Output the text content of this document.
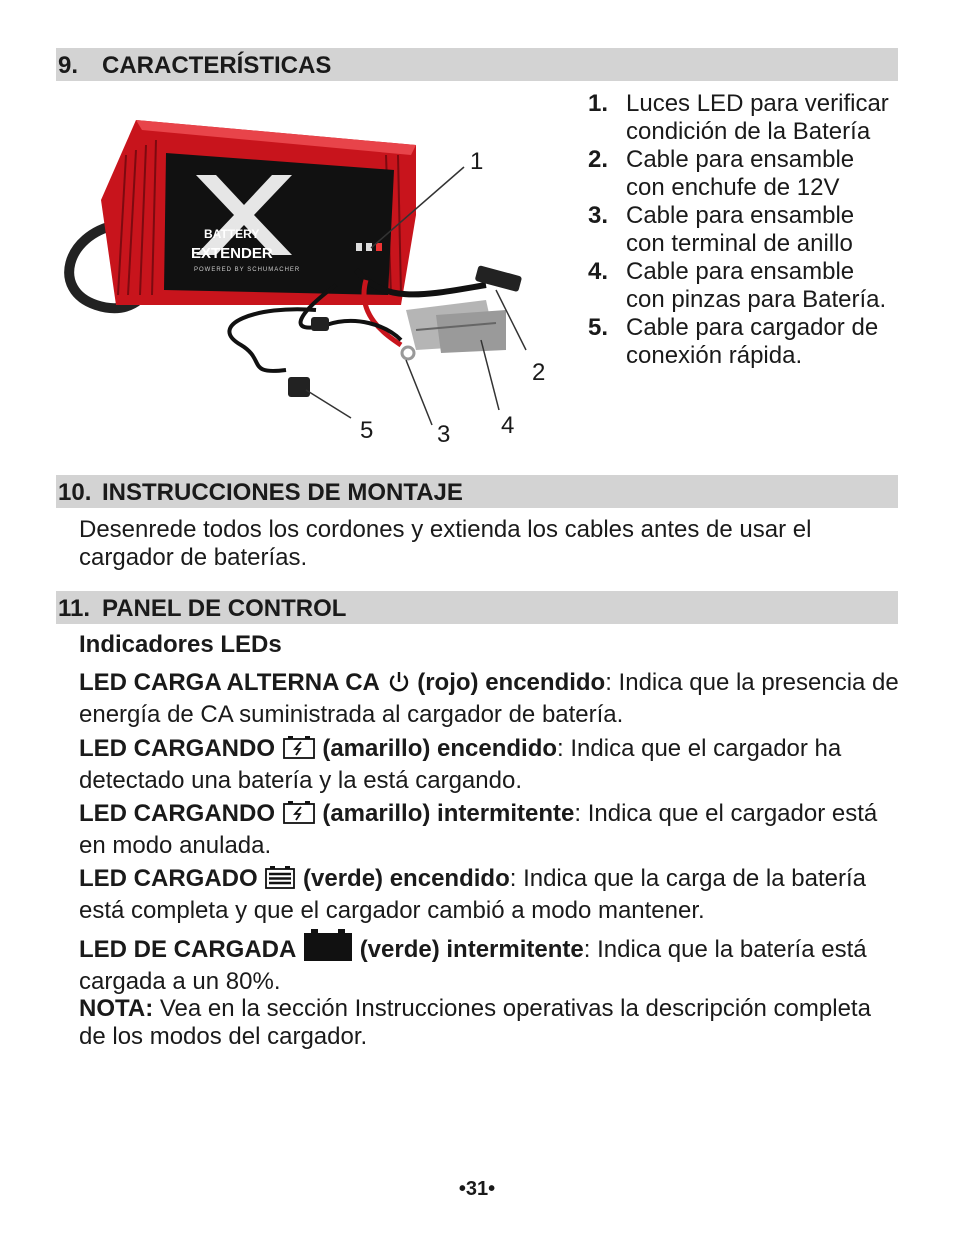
9. CARACTERÍSTICAS
BATTERY
EXTENDER
POWERED BY SCHUMACHER
1
2
3 4
5
1. Luces LED para verificar condición de la Batería
2. Cable para ensamble con enchufe de 12V
3. Cable para ensamble con terminal de anillo
4. Cable para ensamble con pinzas para Batería.
5. Cable para cargador de conexión rápida.
10. INSTRUCCIONES DE MONTAJE
Desenrede todos los cordones y extienda los cables antes de usar el cargador de baterías.
11. PANEL DE CONTROL
Indicadores LEDs
LED CARGA ALTERNA CA (rojo) encendido: Indica que la presencia de energía de CA suministrada al cargador de batería.
LED CARGANDO (amarillo) encendido: Indica que el cargador ha detectado una batería y la está cargando.
LED CARGANDO (amarillo) intermitente: Indica que el cargador está en modo anulada.
LED CARGADO (verde) encendido: Indica que la carga de la batería está completa y que el cargador cambió a modo mantener.
LED DE CARGADA	(verde) intermitente: Indica que la batería está cargada a un 80%.
NOTA: Vea en la sección Instrucciones operativas la descripción completa de los modos del cargador.
•31•
